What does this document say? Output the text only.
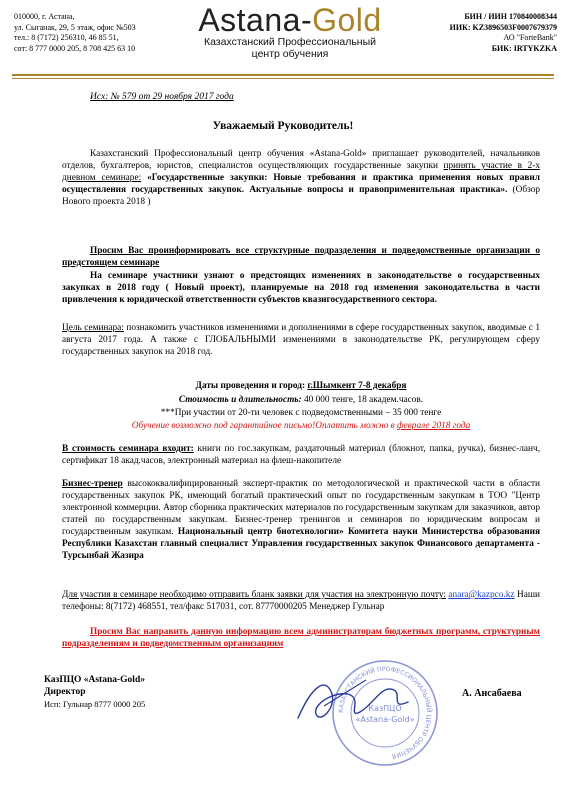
010000, г. Астана,
ул. Сыганак, 29, 5 этаж, офис №503
тел.: 8 (7172) 256310, 46 85 51,
сот: 8 777 0000 205, 8 708 425 63 10
Astana-Gold
Казахстанский Профессиональный
центр обучения
БИН / ИИН 170840008344
ИИК: KZ3896503F0007679379
АО "ForteBank"
БИК: IRTYKZKA
Исх: № 579 от 29 ноября 2017 года
Уважаемый Руководитель!
Казахстанский Профессиональный центр обучения «Astana-Gold» приглашает руководителей, начальников отделов, бухгалтеров, юристов, специалистов осуществляющих государственные закупки принять участие в 2-х дневном семинаре: «Государственные закупки: Новые требования и практика применения новых правил осуществления государственных закупок. Актуальные вопросы и правоприменительная практика». (Обзор Нового проекта 2018 )
Просим Вас проинформировать все структурные подразделения и подведомственные организации о предстоящем семинаре
На семинаре участники узнают о предстоящих изменениях в законодательстве о государственных закупках в 2018 году ( Новый проект), планируемые на 2018 год изменения законодательства в части привлечения к юридической ответственности субъектов квазигосударственного сектора.
Цель семинара: познакомить участников изменениями и дополнениями в сфере государственных закупок, вводимые с 1 августа 2017 года. А также с ГЛОБАЛЬНЫМИ изменениями в законодательстве РК, регулирующем сферу государственных закупок на 2018 год.
Даты проведения и город: г.Шымкент 7-8 декабря
Стоимость и длительность: 40 000 тенге, 18 академ.часов.
***При участии от 20-ти человек с подведомственными – 35 000 тенге
Обучение возможно под гарантийное письмо!Оплатить можно в феврале 2018 года
В стоимость семинара входит: книги по гос.закупкам, раздаточный материал (блокнот, папка, ручка), бизнес-ланч, сертификат 18 акад.часов, электронный материал на флеш-накопителе
Бизнес-тренер высококвалифицированный эксперт-практик по методологической и практической части в области государственных закупок РК, имеющий богатый практический опыт по государственным закупкам в ТОО "Центр электронной коммерции. Автор сборника практических материалов по государственным закупкам для заказчиков, автор статей по государственным закупкам. Бизнес-тренер тренингов и семинаров по юридическим вопросам и государственным закупкам. Национальный центр биотехнологии» Комитета науки Министерства образования Республики Казахстан главный специалист Управления государственных закупок Финансового департамента - Турсынбай Жазира
Для участия в семинаре необходимо отправить бланк заявки для участия на электронную почту: anara@kazpco.kz Наши телефоны: 8(7172) 468551, тел/факс 517031, сот. 87770000205 Менеджер Гульнар
Просим Вас направить данную информацию всем администраторам бюджетных программ, структурным подразделениям и подведомственным организациям
КАЗАХСТАНСКИЙ ПРОФЕССИОНАЛЬНЫЙ ЦЕНТР ОБУЧЕНИЯ
КазПЦО
«Astana-Gold»
КазПЦО «Astana-Gold»
Директор
Исп: Гульнар 8777 0000 205
А. Ансабаева
